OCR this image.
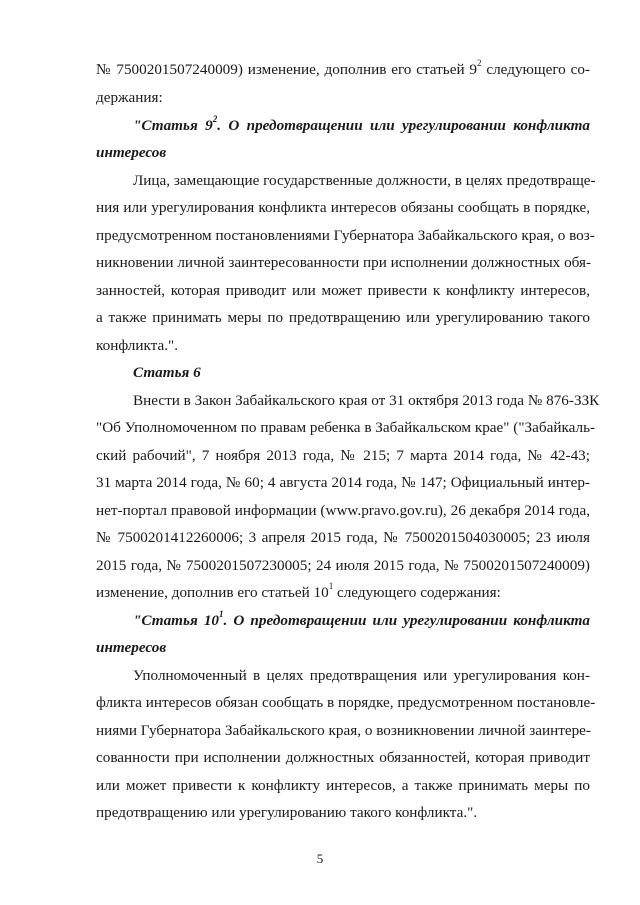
№ 7500201507240009) изменение, дополнив его статьей $9^2$ следующего со-
держания:
"Статья $9^2$. О предотвращении или урегулировании конфликта
интересов
Лица, замещающие государственные должности, в целях предотвраще-
ния или урегулирования конфликта интересов обязаны сообщать в порядке,
предусмотренном постановлениями Губернатора Забайкальского края, о воз-
никновении личной заинтересованности при исполнении должностных обя-
занностей, которая приводит или может привести к конфликту интересов,
а также принимать меры по предотвращению или урегулированию такого
конфликта.".
Статья 6
Внести в Закон Забайкальского края от 31 октября 2013 года № 876-ЗЗК
"Об Уполномоченном по правам ребенка в Забайкальском крае" ("Забайкаль-
ский рабочий", 7 ноября 2013 года, № 215; 7 марта 2014 года, № 42-43;
31 марта 2014 года, № 60; 4 августа 2014 года, № 147; Официальный интер-
нет-портал правовой информации (www.pravo.gov.ru), 26 декабря 2014 года,
№ 7500201412260006; 3 апреля 2015 года, № 7500201504030005; 23 июля
2015 года, № 7500201507230005; 24 июля 2015 года, № 7500201507240009)
изменение, дополнив его статьей $10^1$ следующего содержания:
"Статья $10^1$. О предотвращении или урегулировании конфликта
интересов
Уполномоченный в целях предотвращения или урегулирования кон-
фликта интересов обязан сообщать в порядке, предусмотренном постановле-
ниями Губернатора Забайкальского края, о возникновении личной заинтере-
сованности при исполнении должностных обязанностей, которая приводит
или может привести к конфликту интересов, а также принимать меры по
предотвращению или урегулированию такого конфликта.".
5
